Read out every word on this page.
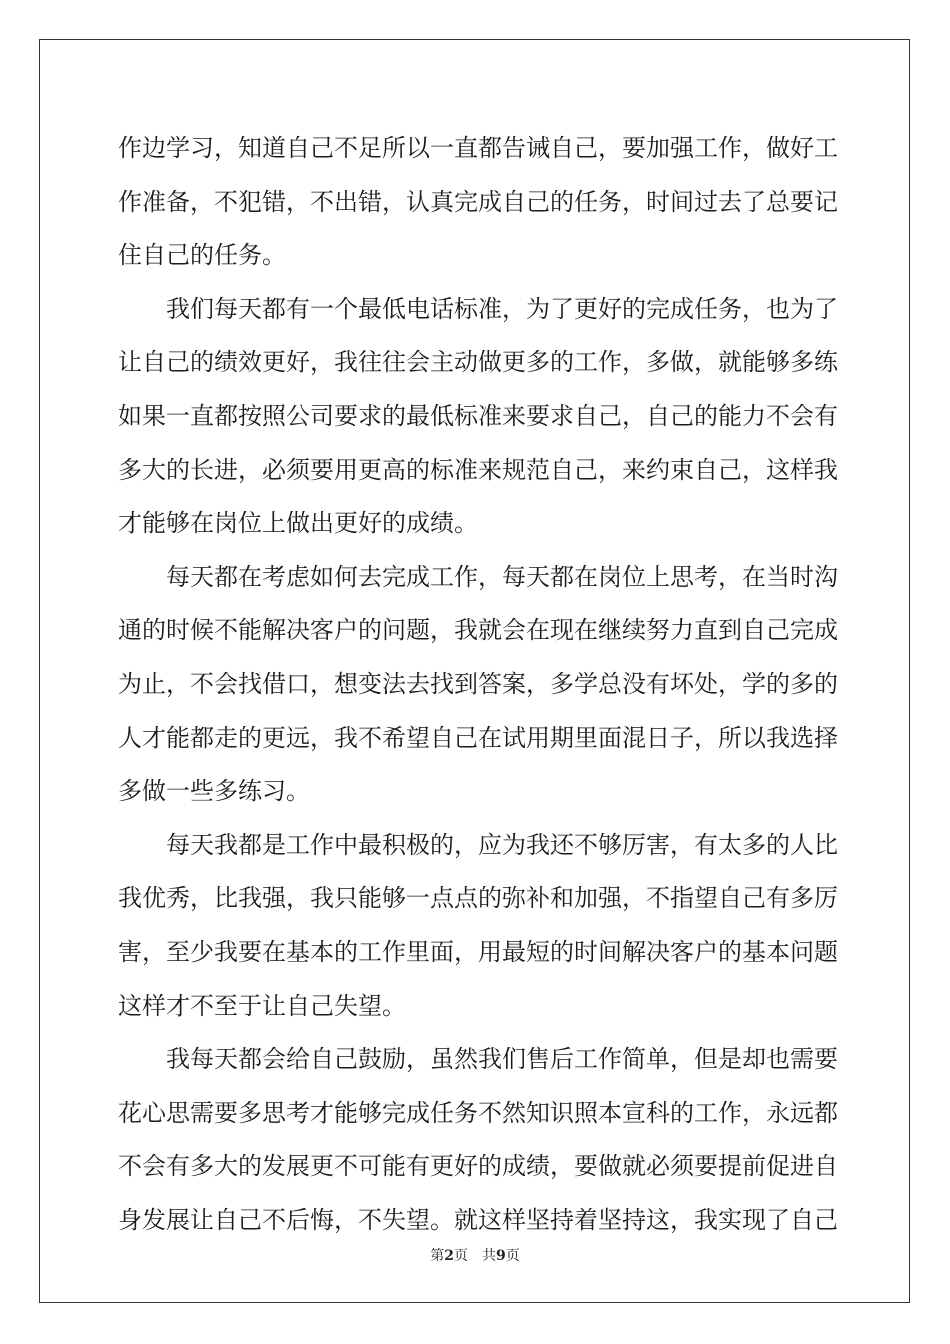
作 边 学 习 ， 知 道 自 己 不 足 所 以 一 直 都 告 诫 自 己 ， 要 加 强 工 作 ， 做 好 工
作 准 备 ， 不 犯 错 ， 不 出 错 ， 认 真 完 成 自 己 的 任 务 ， 时 间 过 去 了 总 要 记
住 自 己 的 任 务 。

我 们 每 天 都 有 一 个 最 低 电 话 标 准 ， 为 了 更 好 的 完 成 任 务 ， 也 为 了
让 自 己 的 绩 效 更 好 ， 我 往 往 会 主 动 做 更 多 的 工 作 ， 多 做 ， 就 能 够 多 练
如 果 一 直 都 按 照 公 司 要 求 的 最 低 标 准 来 要 求 自 己 ， 自 己 的 能 力 不 会 有
多 大 的 长 进 ， 必 须 要 用 更 高 的 标 准 来 规 范 自 己 ， 来 约 束 自 己 ， 这 样 我
才 能 够 在 岗 位 上 做 出 更 好 的 成 绩 。

每 天 都 在 考 虑 如 何 去 完 成 工 作 ， 每 天 都 在 岗 位 上 思 考 ， 在 当 时 沟
通 的 时 候 不 能 解 决 客 户 的 问 题 ， 我 就 会 在 现 在 继 续 努 力 直 到 自 己 完 成
为 止 ， 不 会 找 借 口 ， 想 变 法 去 找 到 答 案 ， 多 学 总 没 有 坏 处 ， 学 的 多 的
人 才 能 都 走 的 更 远 ， 我 不 希 望 自 己 在 试 用 期 里 面 混 日 子 ， 所 以 我 选 择
多 做 一 些 多 练 习 。

每 天 我 都 是 工 作 中 最 积 极 的 ， 应 为 我 还 不 够 厉 害 ， 有 太 多 的 人 比
我 优 秀 ， 比 我 强 ， 我 只 能 够 一 点 点 的 弥 补 和 加 强 ， 不 指 望 自 己 有 多 厉
害 ， 至 少 我 要 在 基 本 的 工 作 里 面 ， 用 最 短 的 时 间 解 决 客 户 的 基 本 问 题
这 样 才 不 至 于 让 自 己 失 望 。

我 每 天 都 会 给 自 己 鼓 励 ， 虽 然 我 们 售 后 工 作 简 单 ， 但 是 却 也 需 要
花 心 思 需 要 多 思 考 才 能 够 完 成 任 务 不 然 知 识 照 本 宣 科 的 工 作 ， 永 远 都
不 会 有 多 大 的 发 展 更 不 可 能 有 更 好 的 成 绩 ， 要 做 就 必 须 要 提 前 促 进 自
身 发 展 让 自 己 不 后 悔 ， 不 失 望 。 就 这 样 坚 持 着 坚 持 这 ， 我 实 现 了 自 己
第2页 共9页
